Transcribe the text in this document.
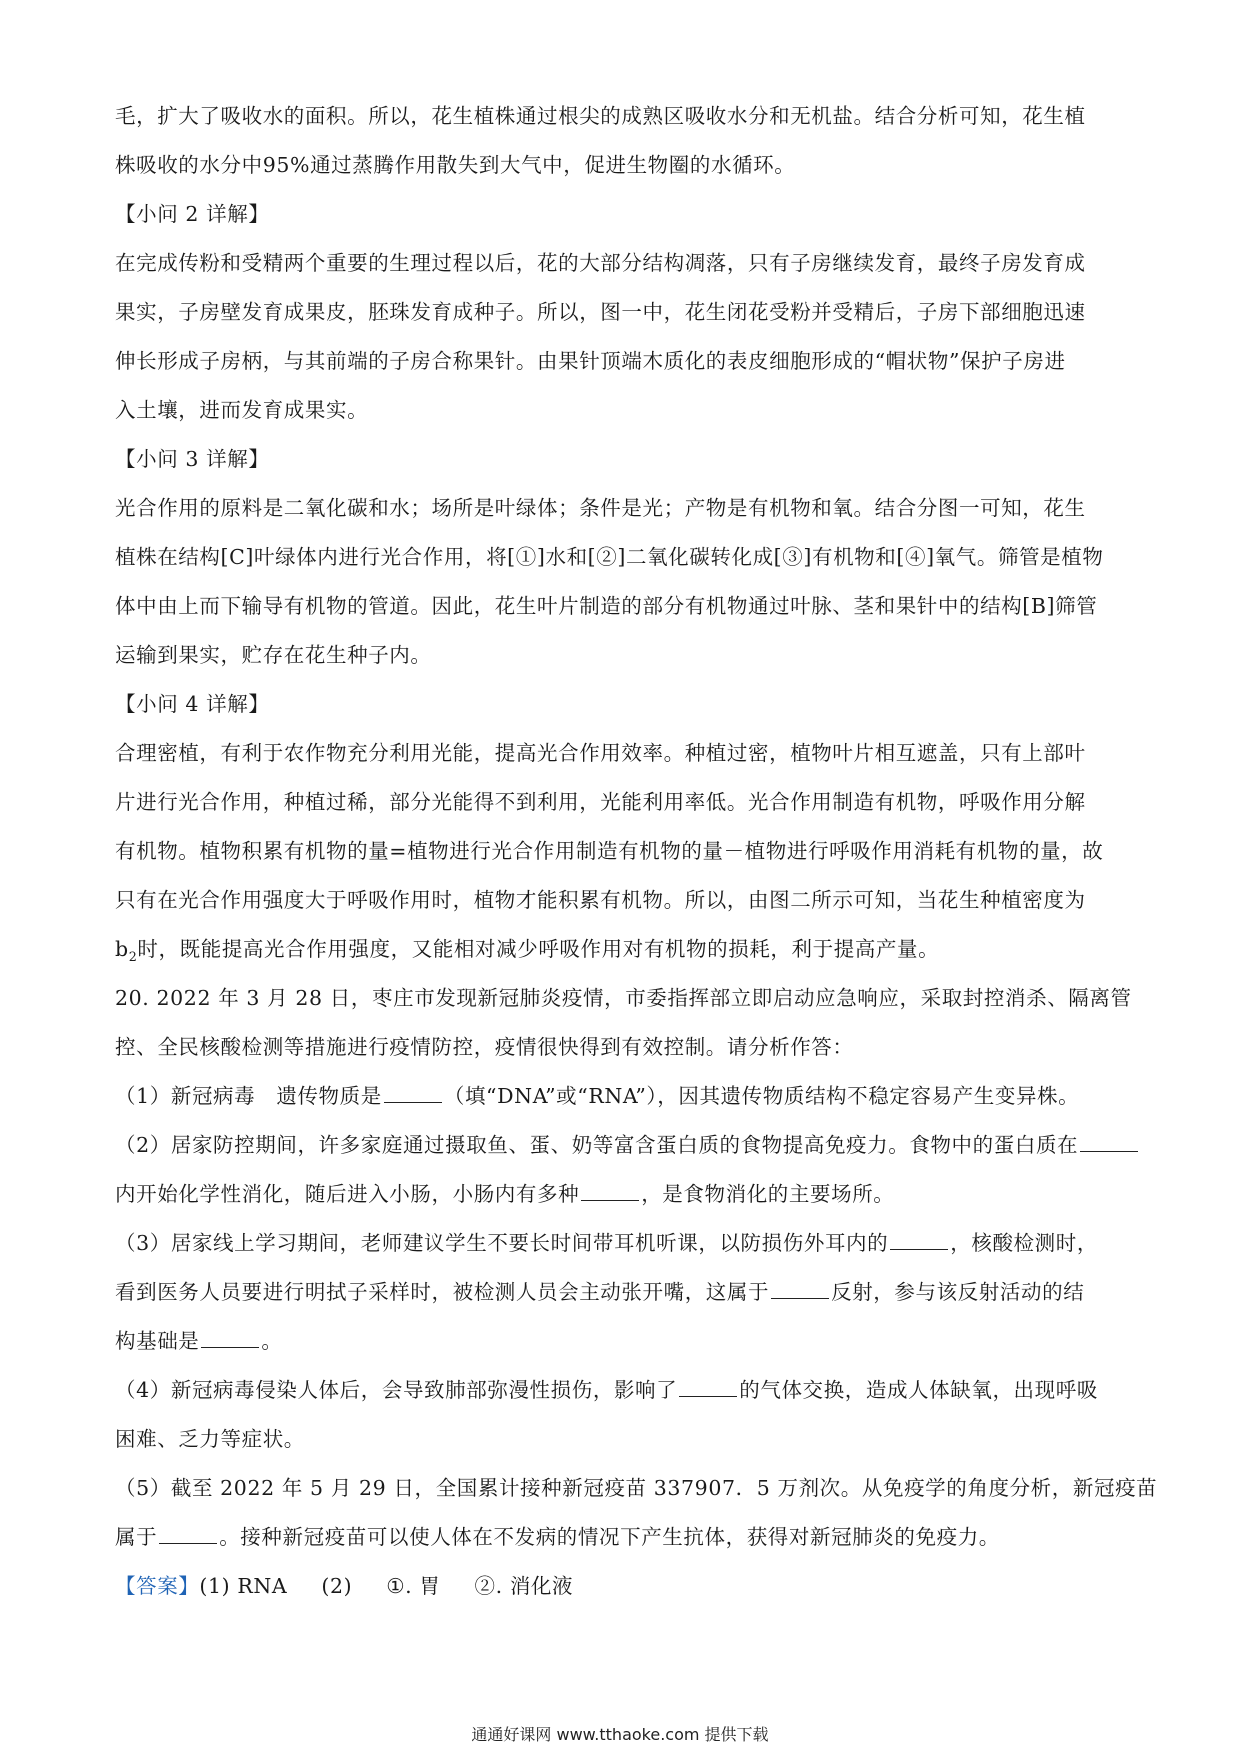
毛，扩大了吸收水的面积。所以，花生植株通过根尖的成熟区吸收水分和无机盐。结合分析可知，花生植
株吸收的水分中95%通过蒸腾作用散失到大气中，促进生物圈的水循环。
【小问 2 详解】
在完成传粉和受精两个重要的生理过程以后，花的大部分结构凋落，只有子房继续发育，最终子房发育成
果实，子房壁发育成果皮，胚珠发育成种子。所以，图一中，花生闭花受粉并受精后，子房下部细胞迅速
伸长形成子房柄，与其前端的子房合称果针。由果针顶端木质化的表皮细胞形成的“帽状物”保护子房进
入土壤，进而发育成果实。
【小问 3 详解】
光合作用的原料是二氧化碳和水；场所是叶绿体；条件是光；产物是有机物和氧。结合分图一可知，花生
植株在结构[C]叶绿体内进行光合作用，将[①]水和[②]二氧化碳转化成[③]有机物和[④]氧气。筛管是植物
体中由上而下输导有机物的管道。因此，花生叶片制造的部分有机物通过叶脉、茎和果针中的结构[B]筛管
运输到果实，贮存在花生种子内。
【小问 4 详解】
合理密植，有利于农作物充分利用光能，提高光合作用效率。种植过密，植物叶片相互遮盖，只有上部叶
片进行光合作用，种植过稀，部分光能得不到利用，光能利用率低。光合作用制造有机物，呼吸作用分解
有机物。植物积累有机物的量=植物进行光合作用制造有机物的量－植物进行呼吸作用消耗有机物的量，故
只有在光合作用强度大于呼吸作用时，植物才能积累有机物。所以，由图二所示可知，当花生种植密度为
$b_2$时，既能提高光合作用强度，又能相对减少呼吸作用对有机物的损耗，利于提高产量。
20. 2022 年 3 月 28 日，枣庄市发现新冠肺炎疫情，市委指挥部立即启动应急响应，采取封控消杀、隔离管
控、全民核酸检测等措施进行疫情防控，疫情很快得到有效控制。请分析作答：
（1）新冠病毒　遗传物质是	（填“DNA”或“RNA”），因其遗传物质结构不稳定容易产生变异株。
（2）居家防控期间，许多家庭通过摄取鱼、蛋、奶等富含蛋白质的食物提高免疫力。食物中的蛋白质在
内开始化学性消化，随后进入小肠，小肠内有多种	，是食物消化的主要场所。
（3）居家线上学习期间，老师建议学生不要长时间带耳机听课，以防损伤外耳内的	，核酸检测时，
看到医务人员要进行明拭子采样时，被检测人员会主动张开嘴，这属于	反射，参与该反射活动的结
构基础是	。
（4）新冠病毒侵染人体后，会导致肺部弥漫性损伤，影响了	的气体交换，造成人体缺氧，出现呼吸
困难、乏力等症状。
（5）截至 2022 年 5 月 29 日，全国累计接种新冠疫苗 337907．5 万剂次。从免疫学的角度分析，新冠疫苗
属于	。接种新冠疫苗可以使人体在不发病的情况下产生抗体，获得对新冠肺炎的免疫力。
【答案】(1) RNA (2) ①. 胃 ②. 消化液
通通好课网 www.tthaoke.com 提供下载
